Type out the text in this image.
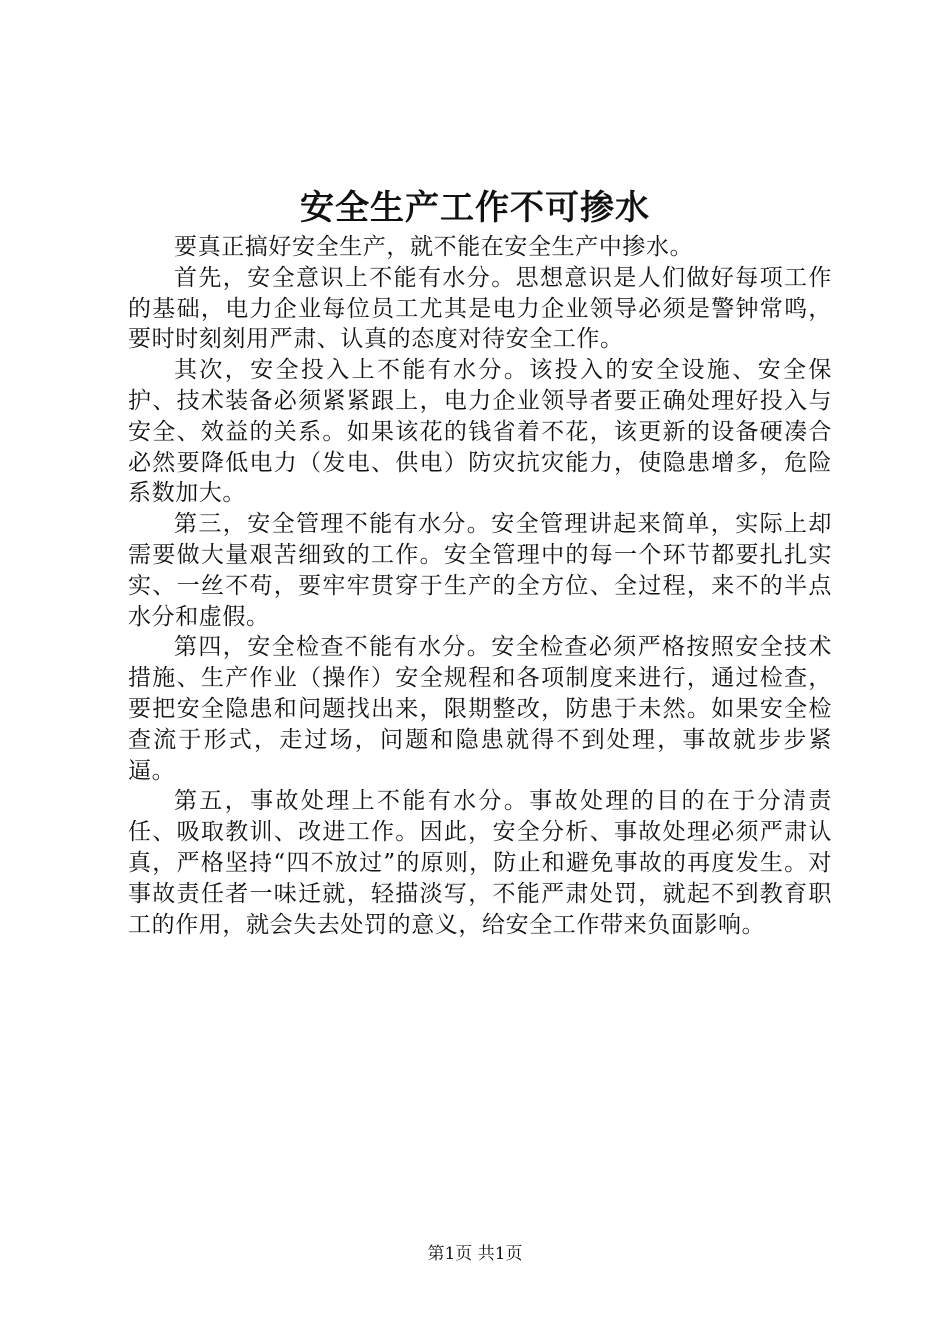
安全生产工作不可掺水

要真正搞好安全生产，就不能在安全生产中掺水。

首先，安全意识上不能有水分。思想意识是人们做好每项工作的基础，电力企业每位员工尤其是电力企业领导必须是警钟常鸣，要时时刻刻用严肃、认真的态度对待安全工作。

其次，安全投入上不能有水分。该投入的安全设施、安全保护、技术装备必须紧紧跟上，电力企业领导者要正确处理好投入与安全、效益的关系。如果该花的钱省着不花，该更新的设备硬凑合必然要降低电力（发电、供电）防灾抗灾能力，使隐患增多，危险系数加大。

第三，安全管理不能有水分。安全管理讲起来简单，实际上却需要做大量艰苦细致的工作。安全管理中的每一个环节都要扎扎实实、一丝不苟，要牢牢贯穿于生产的全方位、全过程，来不的半点水分和虚假。

第四，安全检查不能有水分。安全检查必须严格按照安全技术措施、生产作业（操作）安全规程和各项制度来进行，通过检查，要把安全隐患和问题找出来，限期整改，防患于未然。如果安全检查流于形式，走过场，问题和隐患就得不到处理，事故就步步紧逼。

第五，事故处理上不能有水分。事故处理的目的在于分清责任、吸取教训、改进工作。因此，安全分析、事故处理必须严肃认真，严格坚持“四不放过”的原则，防止和避免事故的再度发生。对事故责任者一味迁就，轻描淡写，不能严肃处罚，就起不到教育职工的作用，就会失去处罚的意义，给安全工作带来负面影响。

第1页 共1页
